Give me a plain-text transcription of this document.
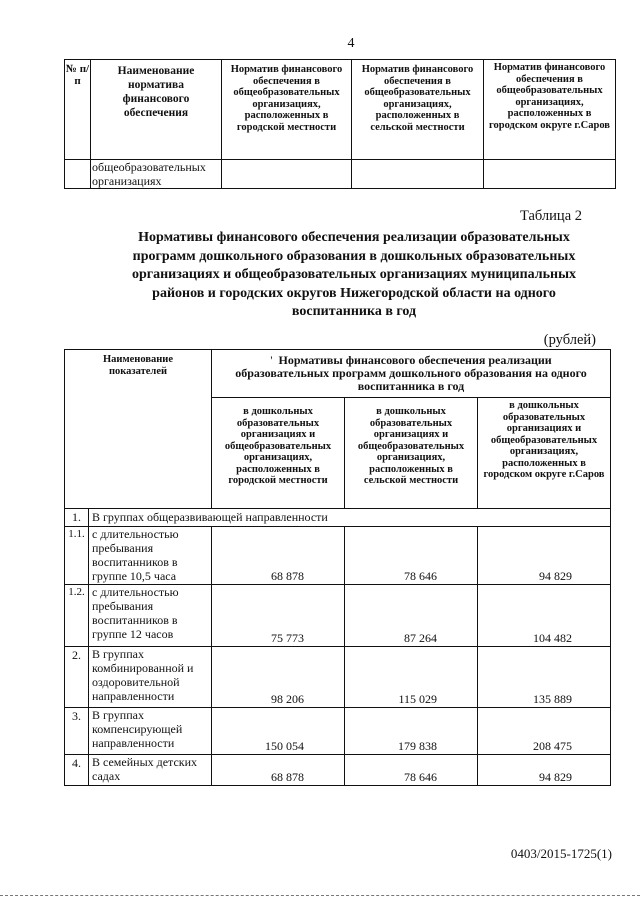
4
№ п/п	Наименование норматива финансового обеспечения	Норматив финансового обеспечения в общеобразовательных организациях, расположенных в городской местности	Норматив финансового обеспечения в общеобразовательных организациях, расположенных в сельской местности	Норматив финансового обеспечения в общеобразовательных организациях, расположенных в городском округе г.Саров
	общеобразовательных организациях			
Таблица 2
Нормативы финансового обеспечения реализации образовательных программ дошкольного образования в дошкольных образовательных организациях и общеобразовательных организациях муниципальных районов и городских округов Нижегородской области на одного воспитанника в год
(рублей)
Наименование показателей		' Нормативы финансового обеспечения реализации образовательных программ дошкольного образования на одного воспитанника в год		
		в дошкольных образовательных организациях и общеобразовательных организациях, расположенных в городской местности	в дошкольных образовательных организациях и общеобразовательных организациях, расположенных в сельской местности	в дошкольных образовательных организациях и общеобразовательных организациях, расположенных в городском округе г.Саров
1.	В группах общеразвивающей направленности			
1.1.	с длительностью пребывания воспитанников в группе 10,5 часа	68 878	78 646	94 829
1.2.	с длительностью пребывания воспитанников в группе 12 часов	75 773	87 264	104 482
2.	В группах комбинированной и оздоровительной направленности	98 206	115 029	135 889
3.	В группах компенсирующей направленности	150 054	179 838	208 475
4.	В семейных детских садах	68 878	78 646	94 829
0403/2015-1725(1)
